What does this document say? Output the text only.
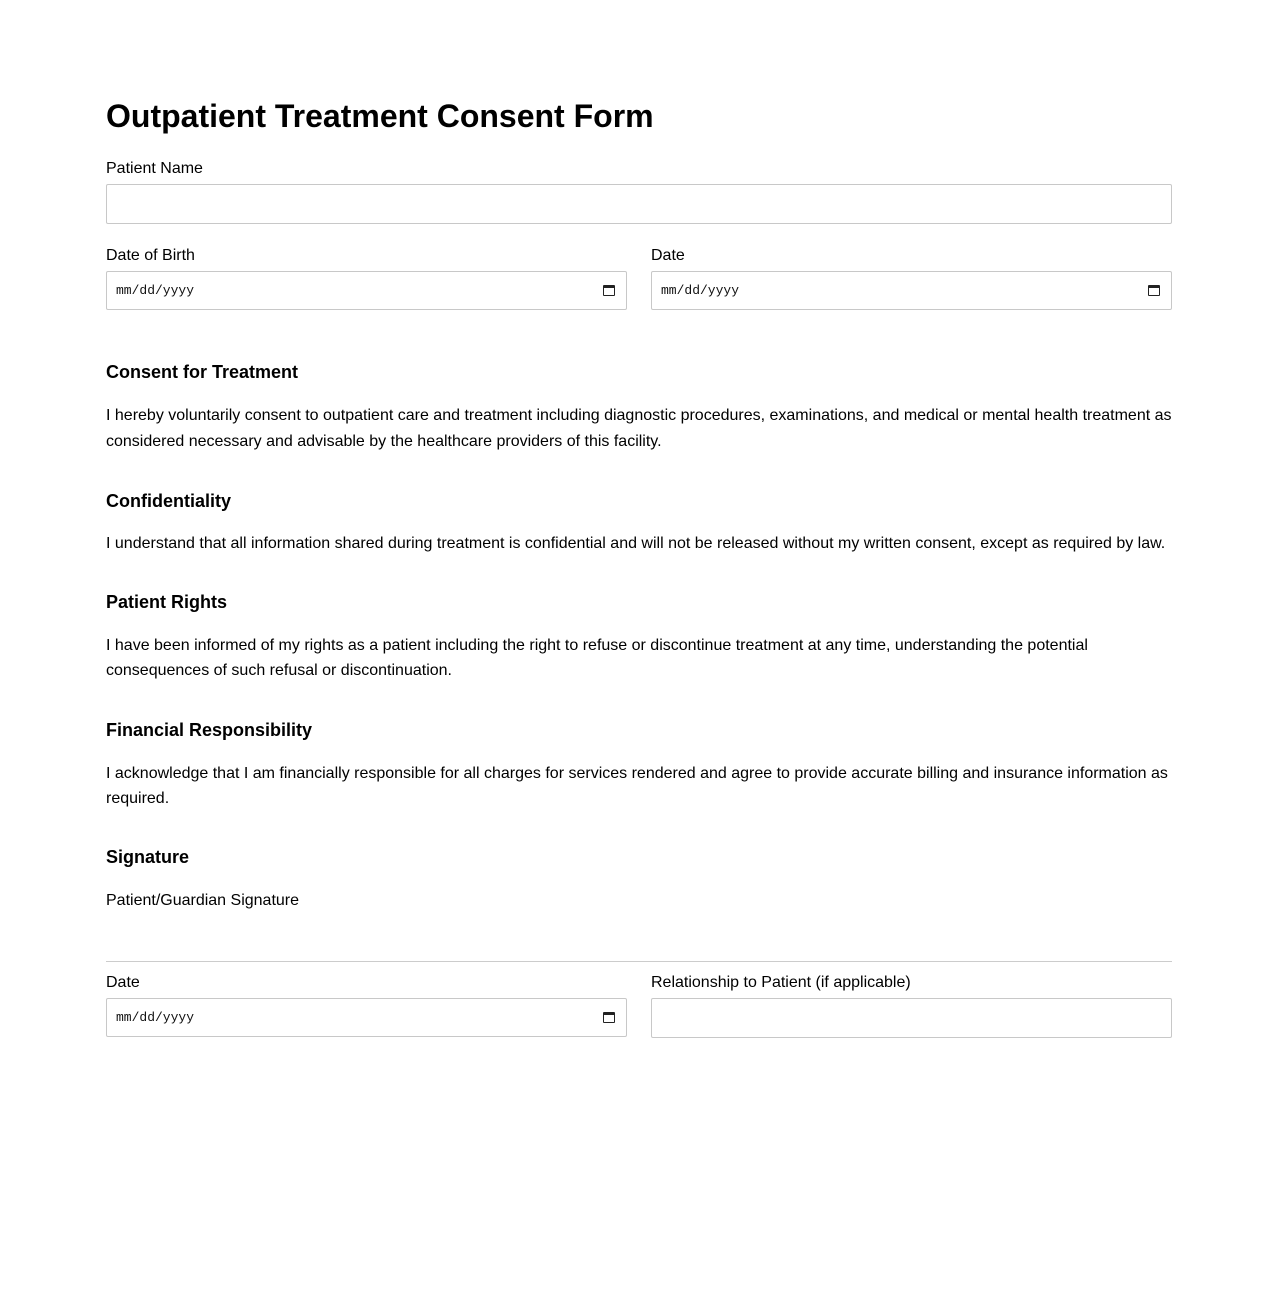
Outpatient Treatment Consent Form
Patient Name
Date of Birth
mm/dd/yyyy
Date
mm/dd/yyyy
Consent for Treatment

I hereby voluntarily consent to outpatient care and treatment including diagnostic procedures, examinations, and medical or mental health treatment as considered necessary and advisable by the healthcare providers of this facility.

Confidentiality

I understand that all information shared during treatment is confidential and will not be released without my written consent, except as required by law.

Patient Rights

I have been informed of my rights as a patient including the right to refuse or discontinue treatment at any time, understanding the potential consequences of such refusal or discontinuation.

Financial Responsibility

I acknowledge that I am financially responsible for all charges for services rendered and agree to provide accurate billing and insurance information as required.

Signature
Patient/Guardian Signature
Date
mm/dd/yyyy
Relationship to Patient (if applicable)
